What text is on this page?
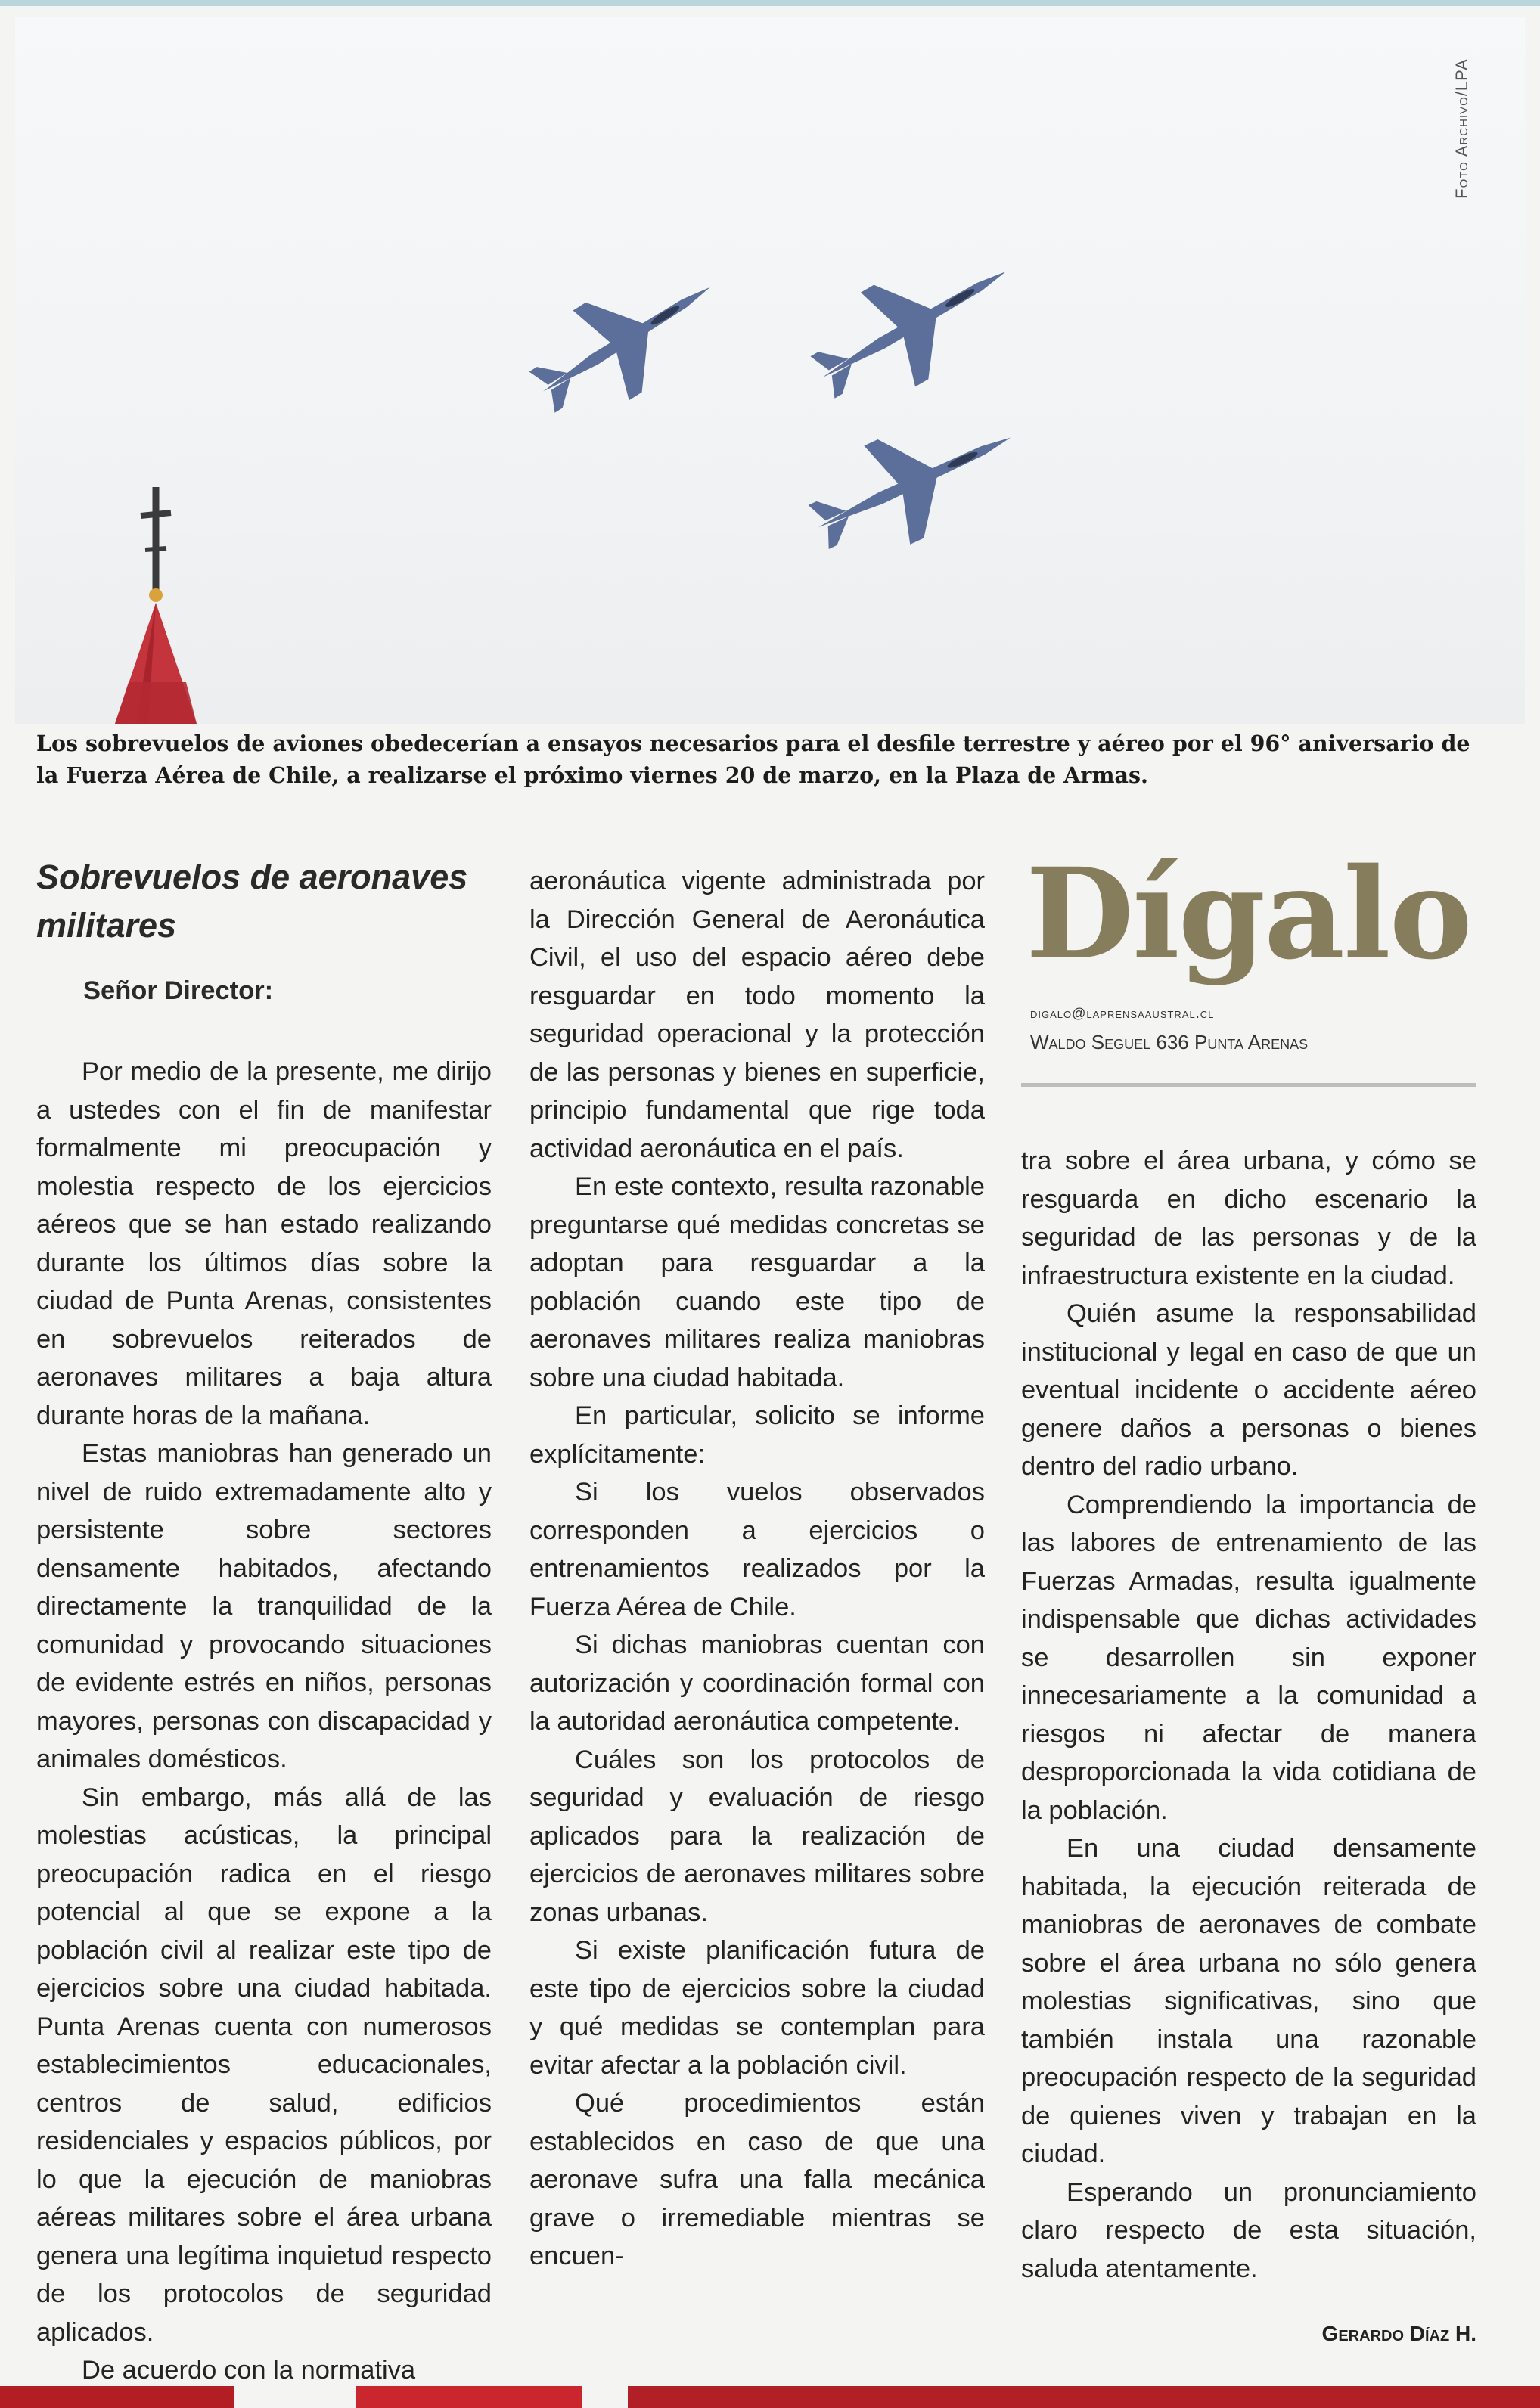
Foto Archivo/LPA

Los sobrevuelos de aviones obedecerían a ensayos necesarios para el desfile terrestre y aéreo por el 96° aniversario de la Fuerza Aérea de Chile, a realizarse el próximo viernes 20 de marzo, en la Plaza de Armas.

Sobrevuelos de aeronaves militares

Señor Director:

Por medio de la presente, me dirijo a ustedes con el fin de manifestar formalmente mi preocupación y molestia respecto de los ejercicios aéreos que se han estado realizando durante los últimos días sobre la ciudad de Punta Arenas, consistentes en sobrevuelos reiterados de aeronaves militares a baja altura durante horas de la mañana.

Estas maniobras han generado un nivel de ruido extremadamente alto y persistente sobre sectores densamente habitados, afectando directamente la tranquilidad de la comunidad y provocando situaciones de evidente estrés en niños, personas mayores, personas con discapacidad y animales domésticos.

Sin embargo, más allá de las molestias acústicas, la principal preocupación radica en el riesgo potencial al que se expone a la población civil al realizar este tipo de ejercicios sobre una ciudad habitada. Punta Arenas cuenta con numerosos establecimientos educacionales, centros de salud, edificios residenciales y espacios públicos, por lo que la ejecución de maniobras aéreas militares sobre el área urbana genera una legítima inquietud respecto de los protocolos de seguridad aplicados.

De acuerdo con la normativa

aeronáutica vigente administrada por la Dirección General de Aeronáutica Civil, el uso del espacio aéreo debe resguardar en todo momento la seguridad operacional y la protección de las personas y bienes en superficie, principio fundamental que rige toda actividad aeronáutica en el país.

En este contexto, resulta razonable preguntarse qué medidas concretas se adoptan para resguardar a la población cuando este tipo de aeronaves militares realiza maniobras sobre una ciudad habitada.

En particular, solicito se informe explícitamente:

Si los vuelos observados corresponden a ejercicios o entrenamientos realizados por la Fuerza Aérea de Chile.

Si dichas maniobras cuentan con autorización y coordinación formal con la autoridad aeronáutica competente.

Cuáles son los protocolos de seguridad y evaluación de riesgo aplicados para la realización de ejercicios de aeronaves militares sobre zonas urbanas.

Si existe planificación futura de este tipo de ejercicios sobre la ciudad y qué medidas se contemplan para evitar afectar a la población civil.

Qué procedimientos están establecidos en caso de que una aeronave sufra una falla mecánica grave o irremediable mientras se encuen-

Dígalo
digalo@laprensaaustral.cl
Waldo Seguel 636 Punta Arenas

tra sobre el área urbana, y cómo se resguarda en dicho escenario la seguridad de las personas y de la infraestructura existente en la ciudad.

Quién asume la responsabilidad institucional y legal en caso de que un eventual incidente o accidente aéreo genere daños a personas o bienes dentro del radio urbano.

Comprendiendo la importancia de las labores de entrenamiento de las Fuerzas Armadas, resulta igualmente indispensable que dichas actividades se desarrollen sin exponer innecesariamente a la comunidad a riesgos ni afectar de manera desproporcionada la vida cotidiana de la población.

En una ciudad densamente habitada, la ejecución reiterada de maniobras de aeronaves de combate sobre el área urbana no sólo genera molestias significativas, sino que también instala una razonable preocupación respecto de la seguridad de quienes viven y trabajan en la ciudad.

Esperando un pronunciamiento claro respecto de esta situación, saluda atentamente.

Gerardo Díaz H.
